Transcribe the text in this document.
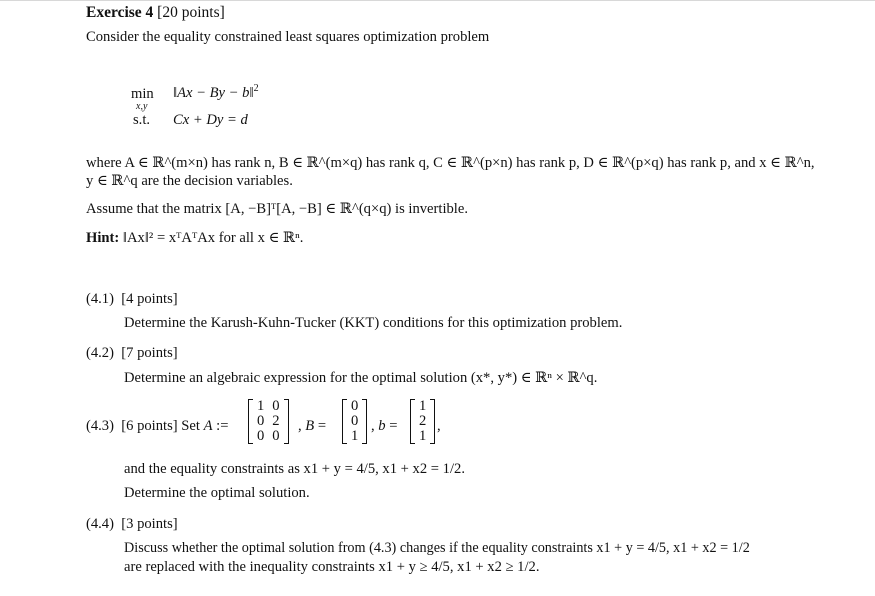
Exercise 4 [20 points]
Consider the equality constrained least squares optimization problem
min
x,y
‖Ax − By − b‖$^2$
s.t. Cx + Dy = d
where A ∈ ℝ^(m×n) has rank n, B ∈ ℝ^(m×q) has rank q, C ∈ ℝ^(p×n) has rank p, D ∈ ℝ^(p×q) has rank p, and x ∈ ℝ^n,
y ∈ ℝ^q are the decision variables.
Assume that the matrix [A, −B]ᵀ[A, −B] ∈ ℝ^(q×q) is invertible.
Hint: ‖Ax‖² = xᵀAᵀAx for all x ∈ ℝⁿ.
(4.1) [4 points]
Determine the Karush-Kuhn-Tucker (KKT) conditions for this optimization problem.
(4.2) [7 points]
Determine an algebraic expression for the optimal solution (x*, y*) ∈ ℝⁿ × ℝ^q.
(4.3) [6 points] Set A :=
1	0
0	2
0	0
, B =
0
0
1
, b =
1
2
1
,
and the equality constraints as x1 + y = 4/5, x1 + x2 = 1/2.
Determine the optimal solution.
(4.4) [3 points]
Discuss whether the optimal solution from (4.3) changes if the equality constraints x1 + y = 4/5, x1 + x2 = 1/2
are replaced with the inequality constraints x1 + y ≥ 4/5, x1 + x2 ≥ 1/2.
